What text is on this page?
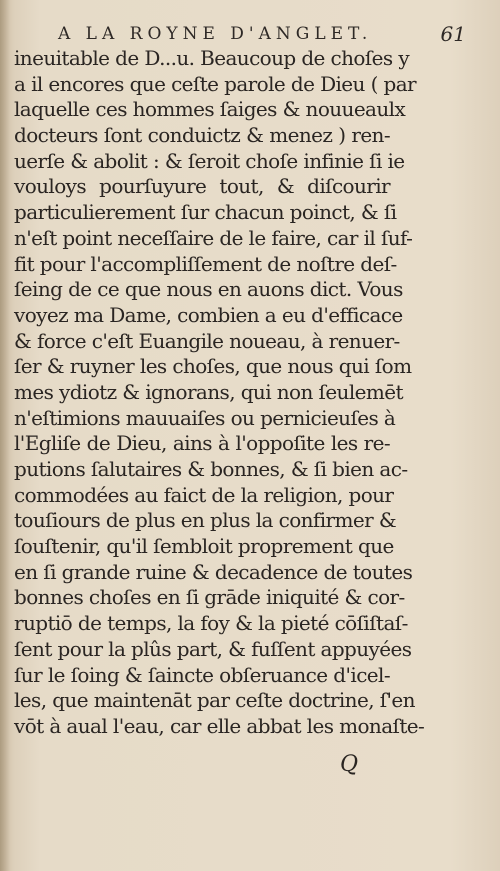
A LA ROYNE D'ANGLET.	61
ineuitable de D...u. Beaucoup de choſes y
a il encores que ceſte parole de Dieu ( par
laquelle ces hommes ſaiges & nouueaulx
docteurs ſont conduictz & menez ) ren-
uerſe & abolit : & ſeroit choſe infinie ſi ie
vouloys pourſuyure tout, & diſcourir
particulierement ſur chacun poinct, & ſi
n'eſt point neceſſaire de le faire, car il ſuf-
fit pour l'accompliſſement de noſtre deſ-
ſeing de ce que nous en auons dict. Vous
voyez ma Dame, combien a eu d'efficace
& force c'eſt Euangile noueau, à renuer-
ſer & ruyner les choſes, que nous qui ſom
mes ydiotz & ignorans, qui non ſeulemēt
n'eſtimions mauuaiſes ou pernicieuſes à
l'Egliſe de Dieu, ains à l'oppoſite les re-
putions ſalutaires & bonnes, & ſi bien ac-
commodées au faict de la religion, pour
touſiours de plus en plus la confirmer &
ſouſtenir, qu'il ſembloit proprement que
en ſi grande ruine & decadence de toutes
bonnes choſes en ſi grāde iniquité & cor-
ruptiō de temps, la foy & la pieté cōſiſtaſ-
ſent pour la plûs part, & fuſſent appuyées
ſur le ſoing & ſaincte obſeruance d'icel-
les, que maintenāt par ceſte doctrine, ſ'en
vōt à aual l'eau, car elle abbat les monaſte-
Q
